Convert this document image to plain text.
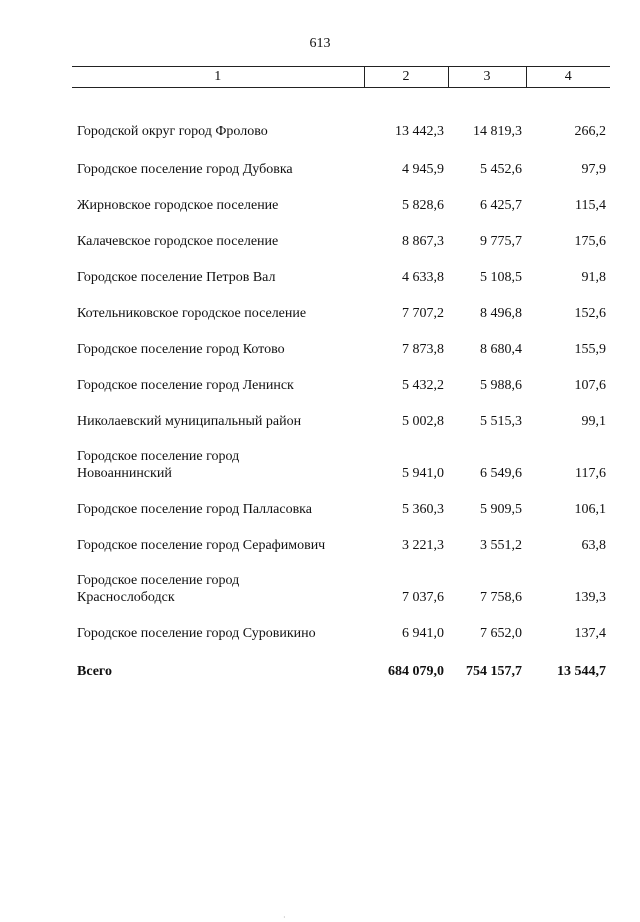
613
1	2	3	4
Городской округ город Фролово	13 442,3	14 819,3	266,2
Городское поселение город Дубовка	4 945,9	5 452,6	97,9
Жирновское городское поселение	5 828,6	6 425,7	115,4
Калачевское городское поселение	8 867,3	9 775,7	175,6
Городское поселение Петров Вал	4 633,8	5 108,5	91,8
Котельниковское городское поселение	7 707,2	8 496,8	152,6
Городское поселение город Котово	7 873,8	8 680,4	155,9
Городское поселение город Ленинск	5 432,2	5 988,6	107,6
Николаевский муниципальный район	5 002,8	5 515,3	99,1
Городское поселение город
Новоаннинский	5 941,0	6 549,6	117,6
Городское поселение город Палласовка	5 360,3	5 909,5	106,1
Городское поселение город Серафимович	3 221,3	3 551,2	63,8
Городское поселение город
Краснослободск	7 037,6	7 758,6	139,3
Городское поселение город Суровикино	6 941,0	7 652,0	137,4
Всего	684 079,0	754 157,7	13 544,7
·
